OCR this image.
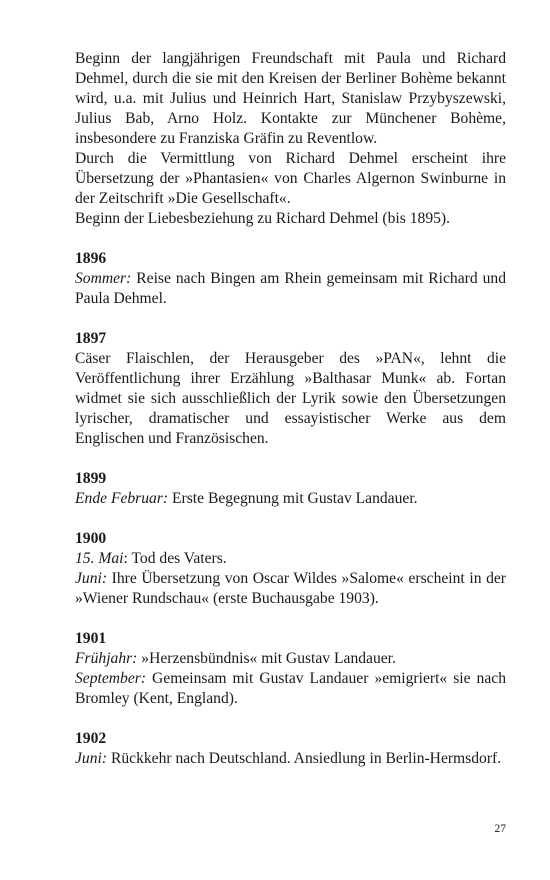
Beginn der langjährigen Freundschaft mit Paula und Richard Dehmel, durch die sie mit den Kreisen der Berliner Bohème bekannt wird, u.a. mit Julius und Heinrich Hart, Stanislaw Przybyszewski, Julius Bab, Arno Holz. Kontakte zur Münchener Bohème, insbesondere zu Franziska Gräfin zu Reventlow.

Durch die Vermittlung von Richard Dehmel erscheint ihre Übersetzung der »Phantasien« von Charles Algernon Swinburne in der Zeitschrift »Die Gesellschaft«.

Beginn der Liebesbeziehung zu Richard Dehmel (bis 1895).

1896

Sommer: Reise nach Bingen am Rhein gemeinsam mit Richard und Paula Dehmel.

1897

Cäser Flaischlen, der Herausgeber des »PAN«, lehnt die Veröffentlichung ihrer Erzählung »Balthasar Munk« ab. Fortan widmet sie sich ausschließlich der Lyrik sowie den Übersetzungen lyrischer, dramatischer und essayistischer Werke aus dem Englischen und Französischen.

1899

Ende Februar: Erste Begegnung mit Gustav Landauer.

1900

15. Mai: Tod des Vaters.

Juni: Ihre Übersetzung von Oscar Wildes »Salome« erscheint in der »Wiener Rundschau« (erste Buchausgabe 1903).

1901

Frühjahr: »Herzensbündnis« mit Gustav Landauer.

September: Gemeinsam mit Gustav Landauer »emigriert« sie nach Bromley (Kent, England).

1902

Juni: Rückkehr nach Deutschland. Ansiedlung in Berlin-Hermsdorf.

27
